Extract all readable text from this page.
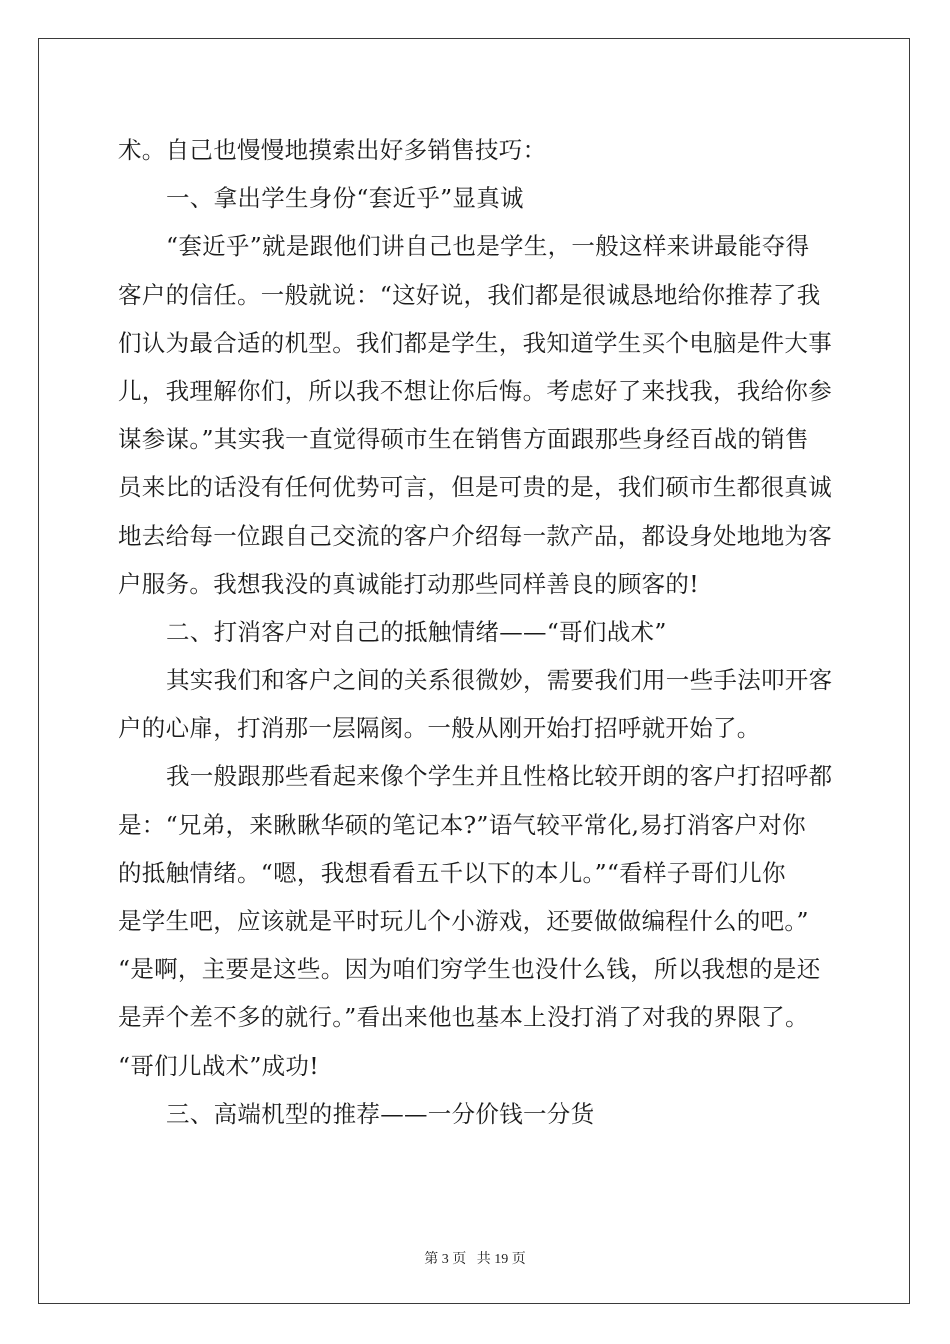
术。自己也慢慢地摸索出好多销售技巧：

一、拿出学生身份“套近乎”显真诚

“套近乎”就是跟他们讲自己也是学生，一般这样来讲最能夺得

客户的信任。一般就说：“这好说，我们都是很诚恳地给你推荐了我

们认为最合适的机型。我们都是学生，我知道学生买个电脑是件大事

儿，我理解你们，所以我不想让你后悔。考虑好了来找我，我给你参

谋参谋。”其实我一直觉得硕市生在销售方面跟那些身经百战的销售

员来比的话没有任何优势可言，但是可贵的是，我们硕市生都很真诚

地去给每一位跟自己交流的客户介绍每一款产品，都设身处地地为客

户服务。我想我没的真诚能打动那些同样善良的顾客的!

二、打消客户对自己的抵触情绪——“哥们战术”

其实我们和客户之间的关系很微妙，需要我们用一些手法叩开客

户的心扉，打消那一层隔阂。一般从刚开始打招呼就开始了。

我一般跟那些看起来像个学生并且性格比较开朗的客户打招呼都

是：“兄弟，来瞅瞅华硕的笔记本?”语气较平常化,易打消客户对你

的抵触情绪。“嗯，我想看看五千以下的本儿。”“看样子哥们儿你

是学生吧，应该就是平时玩儿个小游戏，还要做做编程什么的吧。”

“是啊，主要是这些。因为咱们穷学生也没什么钱，所以我想的是还

是弄个差不多的就行。”看出来他也基本上没打消了对我的界限了。

“哥们儿战术”成功!

三、高端机型的推荐——一分价钱一分货

第 3 页 共 19 页
